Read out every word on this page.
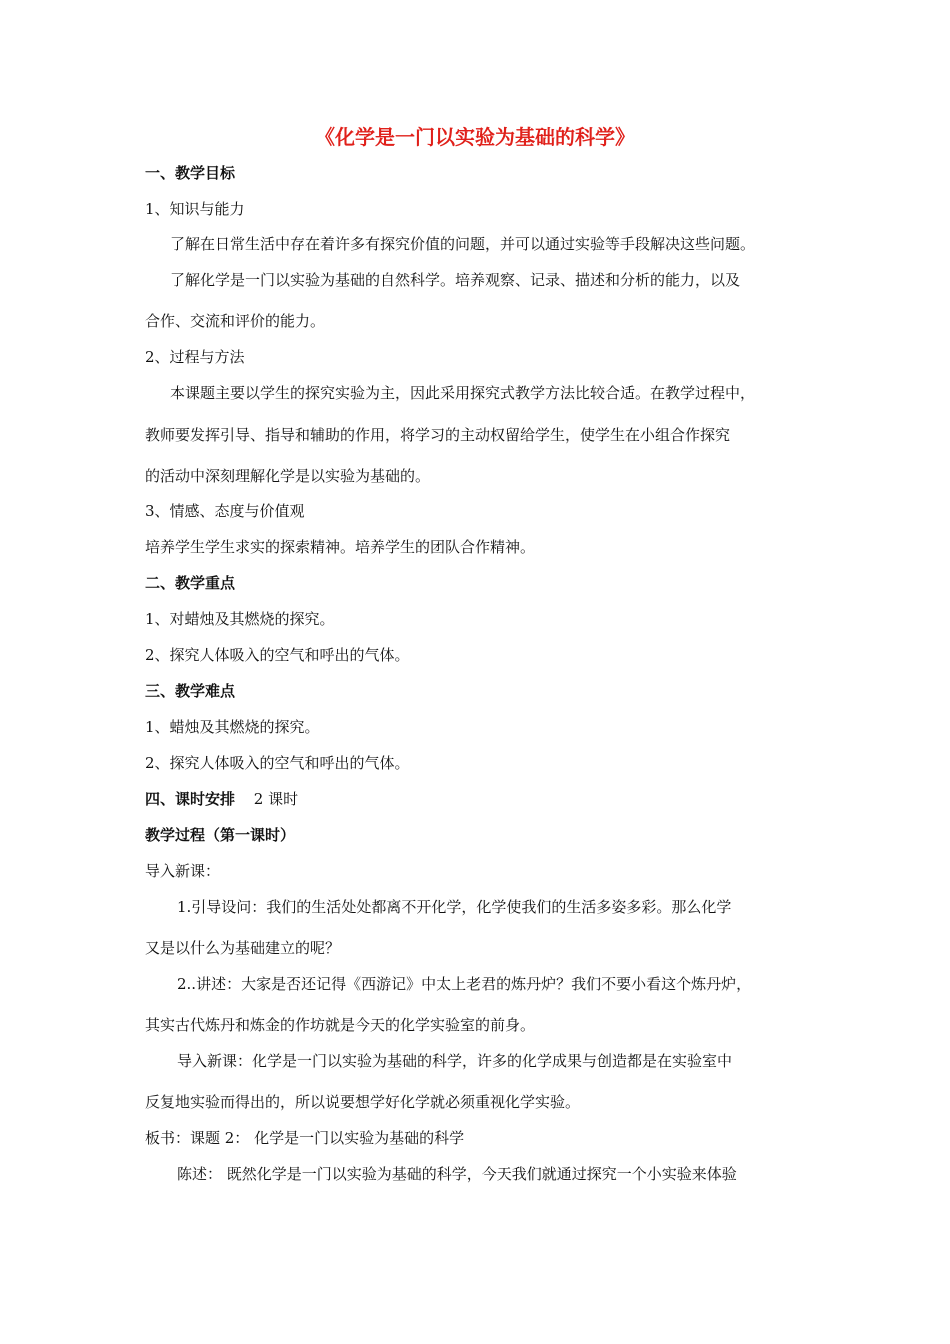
《化学是一门以实验为基础的科学》
一、教学目标
1、知识与能力
了解在日常生活中存在着许多有探究价值的问题，并可以通过实验等手段解决这些问题。
了解化学是一门以实验为基础的自然科学。培养观察、记录、描述和分析的能力，以及
合作、交流和评价的能力。
2、过程与方法
本课题主要以学生的探究实验为主，因此采用探究式教学方法比较合适。在教学过程中，
教师要发挥引导、指导和辅助的作用，将学习的主动权留给学生，使学生在小组合作探究
的活动中深刻理解化学是以实验为基础的。
3、情感、态度与价值观
培养学生学生求实的探索精神。培养学生的团队合作精神。
二、教学重点
1、对蜡烛及其燃烧的探究。
2、探究人体吸入的空气和呼出的气体。
三、教学难点
1、蜡烛及其燃烧的探究。
2、探究人体吸入的空气和呼出的气体。
四、课时安排 2 课时
教学过程（第一课时）
导入新课：
1.引导设问：我们的生活处处都离不开化学，化学使我们的生活多姿多彩。那么化学
又是以什么为基础建立的呢？
2..讲述：大家是否还记得《西游记》中太上老君的炼丹炉？我们不要小看这个炼丹炉，
其实古代炼丹和炼金的作坊就是今天的化学实验室的前身。
导入新课：化学是一门以实验为基础的科学，许多的化学成果与创造都是在实验室中
反复地实验而得出的，所以说要想学好化学就必须重视化学实验。
板书：课题 2： 化学是一门以实验为基础的科学
陈述： 既然化学是一门以实验为基础的科学，今天我们就通过探究一个小实验来体验
